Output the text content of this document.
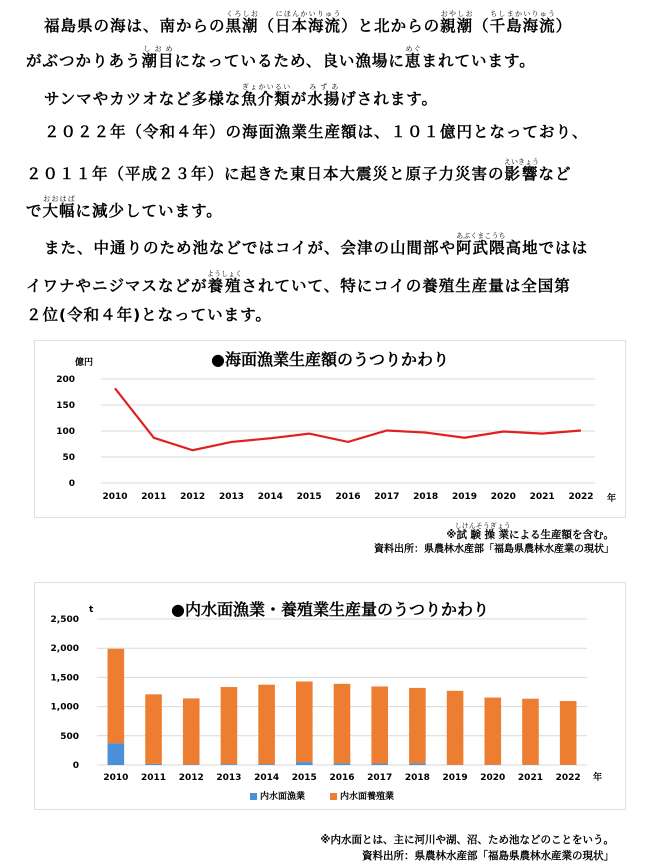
福島県の海は、南からの黒潮くろしお（日本海流にほんかいりゅう）と北からの親潮おやしお（千島海流ちしまかいりゅう）
がぶつかりあう潮目しおめになっているため、良い漁場に恵めぐまれています。
サンマやカツオなど多様な魚介類ぎょかいるいが水揚みずあげされます。
２０２２年（令和４年）の海面漁業生産額は、１０１億円となっており、
２０１１年（平成２３年）に起きた東日本大震災と原子力災害の影響えいきょうなど
で大幅おおはばに減少しています。
また、中通りのため池などではコイが、会津の山間部や阿武隈あぶくまこうち高地ではは
イワナやニジマスなどが養殖ようしょくされていて、特にコイの養殖生産量は全国第
２位(令和４年)となっています。
●海面漁業生産額のうつりかわり
億円
0
50
100
150
200
2010 2011 2012 2013 2014 2015 2016 2017 2018 2019 2020 2021 2022 年
※試験操業しけんそうぎょうによる生産額を含む。
資料出所：県農林水産部「福島県農林水産業の現状」
●内水面漁業・養殖業生産量のうつりかわり
t
0
500
1,000
1,500
2,000
2,500
2010 2011 2012 2013 2014 2015 2016 2017 2018 2019 2020 2021 2022 年
内水面漁業	内水面養殖業
※内水面とは、主に河川や湖、沼、ため池などのことをいう。
資料出所：県農林水産部「福島県農林水産業の現状」
